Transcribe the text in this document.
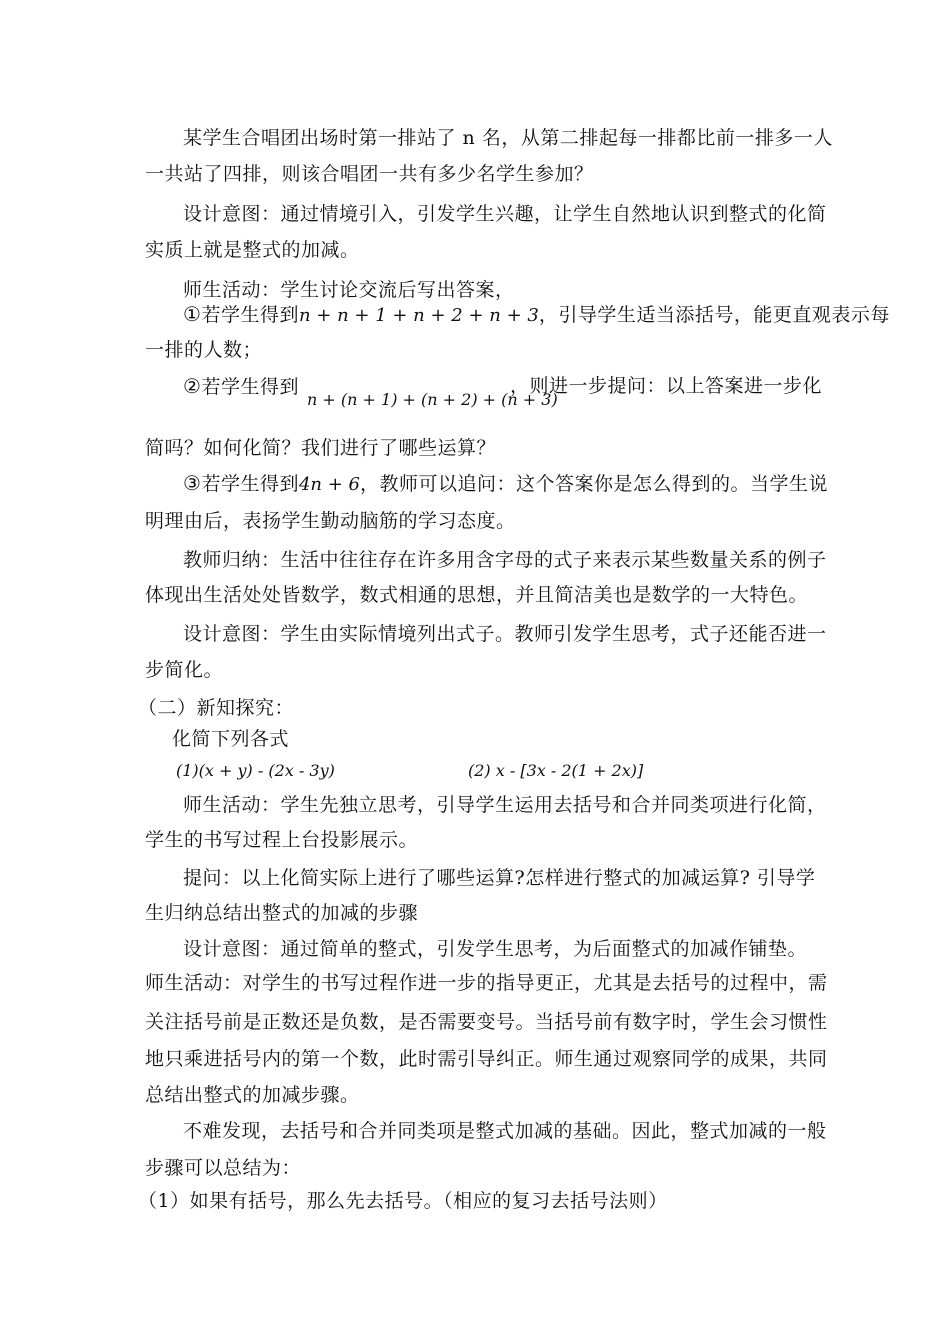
某学生合唱团出场时第一排站了 n 名，从第二排起每一排都比前一排多一人
一共站了四排，则该合唱团一共有多少名学生参加？
设计意图：通过情境引入，引发学生兴趣，让学生自然地认识到整式的化简
实质上就是整式的加减。
师生活动：学生讨论交流后写出答案，
①若学生得到n + n + 1 + n + 2 + n + 3，引导学生适当添括号，能更直观表示每
一排的人数；
②若学生得到
n + (n + 1) + (n + 2) + (n + 3)
，则进一步提问：以上答案进一步化
简吗？如何化简？我们进行了哪些运算？
③若学生得到4n + 6，教师可以追问：这个答案你是怎么得到的。当学生说
明理由后，表扬学生勤动脑筋的学习态度。
教师归纳：生活中往往存在许多用含字母的式子来表示某些数量关系的例子
体现出生活处处皆数学，数式相通的思想，并且简洁美也是数学的一大特色。
设计意图：学生由实际情境列出式子。教师引发学生思考，式子还能否进一
步简化。
（二）新知探究：
化简下列各式
(1)(x + y) - (2x - 3y)	(2) x - [3x - 2(1 + 2x)]
师生活动：学生先独立思考，引导学生运用去括号和合并同类项进行化简，
学生的书写过程上台投影展示。
提问：以上化简实际上进行了哪些运算?怎样进行整式的加减运算? 引导学
生归纳总结出整式的加减的步骤
设计意图：通过简单的整式，引发学生思考，为后面整式的加减作铺垫。
师生活动：对学生的书写过程作进一步的指导更正，尤其是去括号的过程中，需
关注括号前是正数还是负数，是否需要变号。当括号前有数字时，学生会习惯性
地只乘进括号内的第一个数，此时需引导纠正。师生通过观察同学的成果，共同
总结出整式的加减步骤。
不难发现，去括号和合并同类项是整式加减的基础。因此，整式加减的一般
步骤可以总结为：
（1）如果有括号，那么先去括号。（相应的复习去括号法则）
